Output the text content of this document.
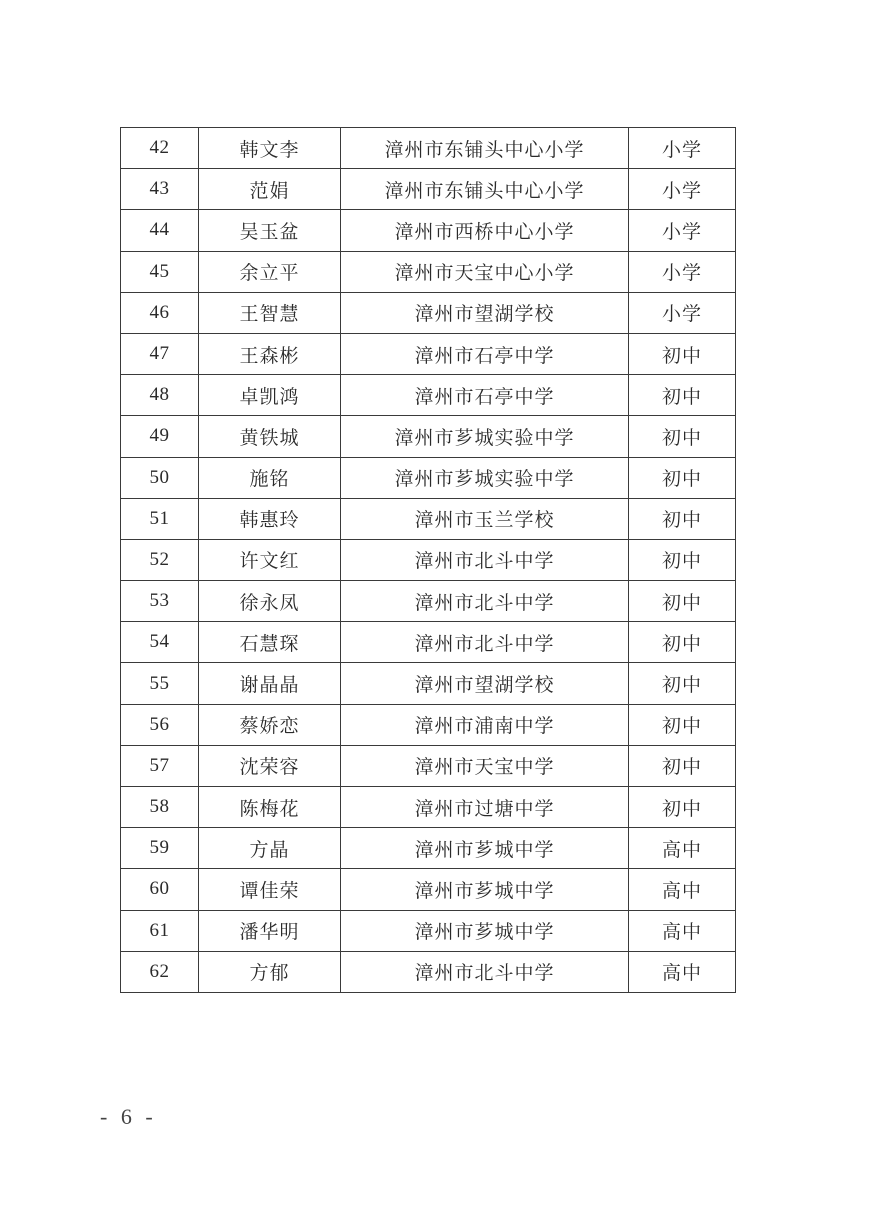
42	韩文李	漳州市东铺头中心小学	小学
43	范娟	漳州市东铺头中心小学	小学
44	吴玉盆	漳州市西桥中心小学	小学
45	余立平	漳州市天宝中心小学	小学
46	王智慧	漳州市望湖学校	小学
47	王森彬	漳州市石亭中学	初中
48	卓凯鸿	漳州市石亭中学	初中
49	黄铁城	漳州市芗城实验中学	初中
50	施铭	漳州市芗城实验中学	初中
51	韩惠玲	漳州市玉兰学校	初中
52	许文红	漳州市北斗中学	初中
53	徐永凤	漳州市北斗中学	初中
54	石慧琛	漳州市北斗中学	初中
55	谢晶晶	漳州市望湖学校	初中
56	蔡娇恋	漳州市浦南中学	初中
57	沈荣容	漳州市天宝中学	初中
58	陈梅花	漳州市过塘中学	初中
59	方晶	漳州市芗城中学	高中
60	谭佳荣	漳州市芗城中学	高中
61	潘华明	漳州市芗城中学	高中
62	方郁	漳州市北斗中学	高中
- 6 -
